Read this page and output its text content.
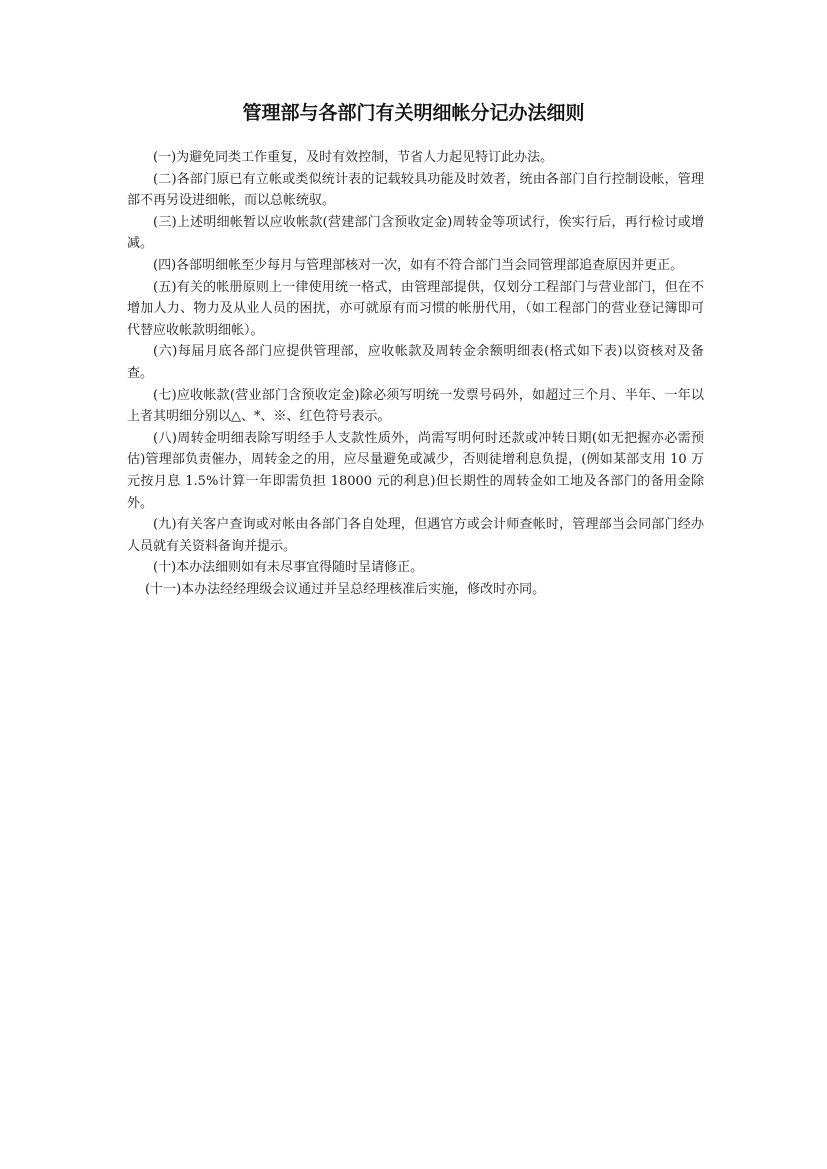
管理部与各部门有关明细帐分记办法细则

(一)为避免同类工作重复，及时有效控制，节省人力起见特订此办法。

(二)各部门原已有立帐或类似统计表的记载较具功能及时效者，统由各部门自行控制设帐，管理部不再另设进细帐，而以总帐统驭。

(三)上述明细帐暂以应收帐款(营建部门含预收定金)周转金等项试行，俟实行后，再行检讨或增减。

(四)各部明细帐至少每月与管理部核对一次，如有不符合部门当会同管理部追查原因并更正。

(五)有关的帐册原则上一律使用统一格式，由管理部提供，仅划分工程部门与营业部门，但在不增加人力、物力及从业人员的困扰，亦可就原有而习惯的帐册代用，（如工程部门的营业登记簿即可代替应收帐款明细帐）。

(六)每届月底各部门应提供管理部，应收帐款及周转金余额明细表(格式如下表)以资核对及备查。

(七)应收帐款(营业部门含预收定金)除必须写明统一发票号码外，如超过三个月、半年、一年以上者其明细分别以△、*、※、红色符号表示。

(八)周转金明细表除写明经手人支款性质外，尚需写明何时还款或冲转日期(如无把握亦必需预估)管理部负责催办，周转金之的用，应尽量避免或减少，否则徒增利息负提，(例如某部支用 10 万元按月息 1.5%计算一年即需负担 18000 元的利息)但长期性的周转金如工地及各部门的备用金除外。

(九)有关客户查询或对帐由各部门各自处理，但遇官方或会计师查帐时，管理部当会同部门经办人员就有关资料备询并提示。

(十)本办法细则如有未尽事宜得随时呈请修正。

(十一)本办法经经理级会议通过并呈总经理核准后实施，修改时亦同。
